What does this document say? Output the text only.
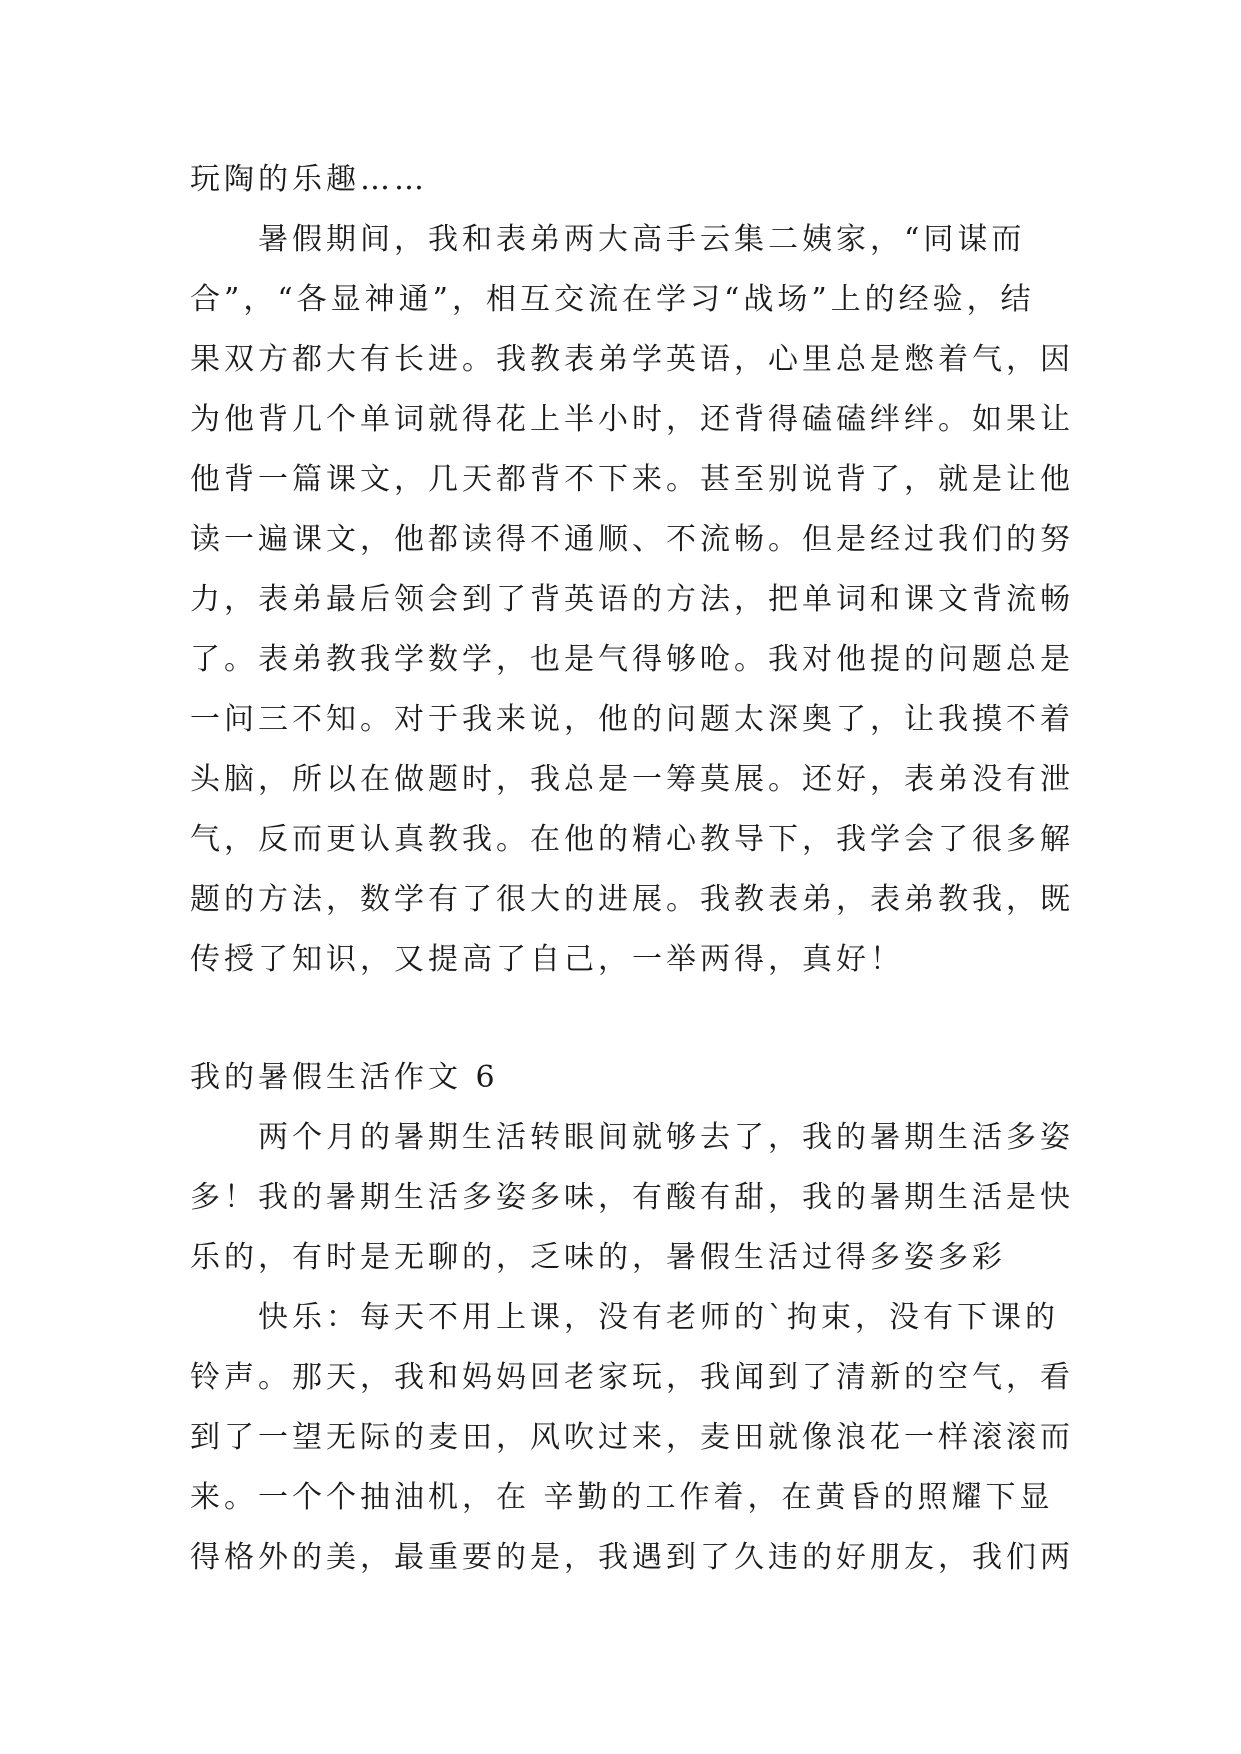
玩陶的乐趣……
暑假期间，我和表弟两大高手云集二姨家，“同谋而
合”，“各显神通”，相互交流在学习“战场”上的经验，结
果双方都大有长进。我教表弟学英语，心里总是憋着气，因
为他背几个单词就得花上半小时，还背得磕磕绊绊。如果让
他背一篇课文，几天都背不下来。甚至别说背了，就是让他
读一遍课文，他都读得不通顺、不流畅。但是经过我们的努
力，表弟最后领会到了背英语的方法，把单词和课文背流畅
了。表弟教我学数学，也是气得够呛。我对他提的问题总是
一问三不知。对于我来说，他的问题太深奥了，让我摸不着
头脑，所以在做题时，我总是一筹莫展。还好，表弟没有泄
气，反而更认真教我。在他的精心教导下，我学会了很多解
题的方法，数学有了很大的进展。我教表弟，表弟教我，既
传授了知识，又提高了自己，一举两得，真好！
我的暑假生活作文 6
两个月的暑期生活转眼间就够去了，我的暑期生活多姿
多！我的暑期生活多姿多味，有酸有甜，我的暑期生活是快
乐的，有时是无聊的，乏味的，暑假生活过得多姿多彩
快乐：每天不用上课，没有老师的`拘束，没有下课的
铃声。那天，我和妈妈回老家玩，我闻到了清新的空气，看
到了一望无际的麦田，风吹过来，麦田就像浪花一样滚滚而
来。一个个抽油机，在 辛勤的工作着，在黄昏的照耀下显
得格外的美，最重要的是，我遇到了久违的好朋友，我们两
